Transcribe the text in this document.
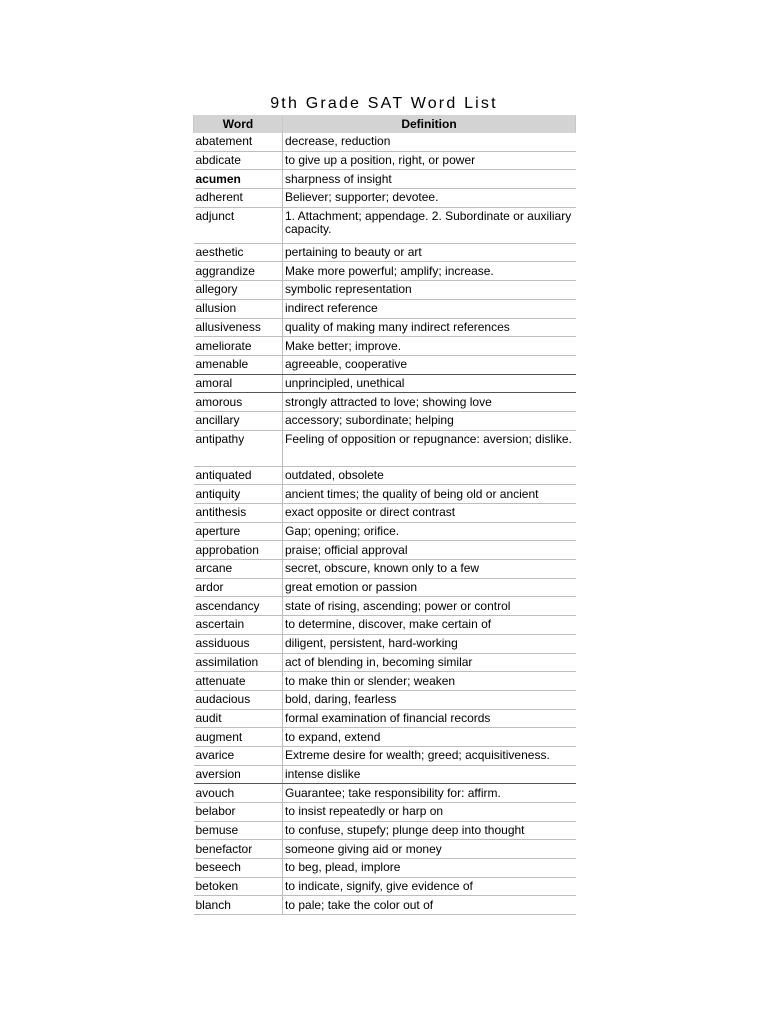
9th Grade SAT Word List
Word	Definition
abatement	decrease, reduction
abdicate	to give up a position, right, or power
acumen	sharpness of insight
adherent	Believer; supporter; devotee.
adjunct	1. Attachment; appendage. 2. Subordinate or auxiliary capacity.
aesthetic	pertaining to beauty or art
aggrandize	Make more powerful; amplify; increase.
allegory	symbolic representation
allusion	indirect reference
allusiveness	quality of making many indirect references
ameliorate	Make better; improve.
amenable	agreeable, cooperative
amoral	unprincipled, unethical
amorous	strongly attracted to love; showing love
ancillary	accessory; subordinate; helping
antipathy	Feeling of opposition or repugnance: aversion; dislike.
antiquated	outdated, obsolete
antiquity	ancient times; the quality of being old or ancient
antithesis	exact opposite or direct contrast
aperture	Gap; opening; orifice.
approbation	praise; official approval
arcane	secret, obscure, known only to a few
ardor	great emotion or passion
ascendancy	state of rising, ascending; power or control
ascertain	to determine, discover, make certain of
assiduous	diligent, persistent, hard-working
assimilation	act of blending in, becoming similar
attenuate	to make thin or slender; weaken
audacious	bold, daring, fearless
audit	formal examination of financial records
augment	to expand, extend
avarice	Extreme desire for wealth; greed; acquisitiveness.
aversion	intense dislike
avouch	Guarantee; take responsibility for: affirm.
belabor	to insist repeatedly or harp on
bemuse	to confuse, stupefy; plunge deep into thought
benefactor	someone giving aid or money
beseech	to beg, plead, implore
betoken	to indicate, signify, give evidence of
blanch	to pale; take the color out of
